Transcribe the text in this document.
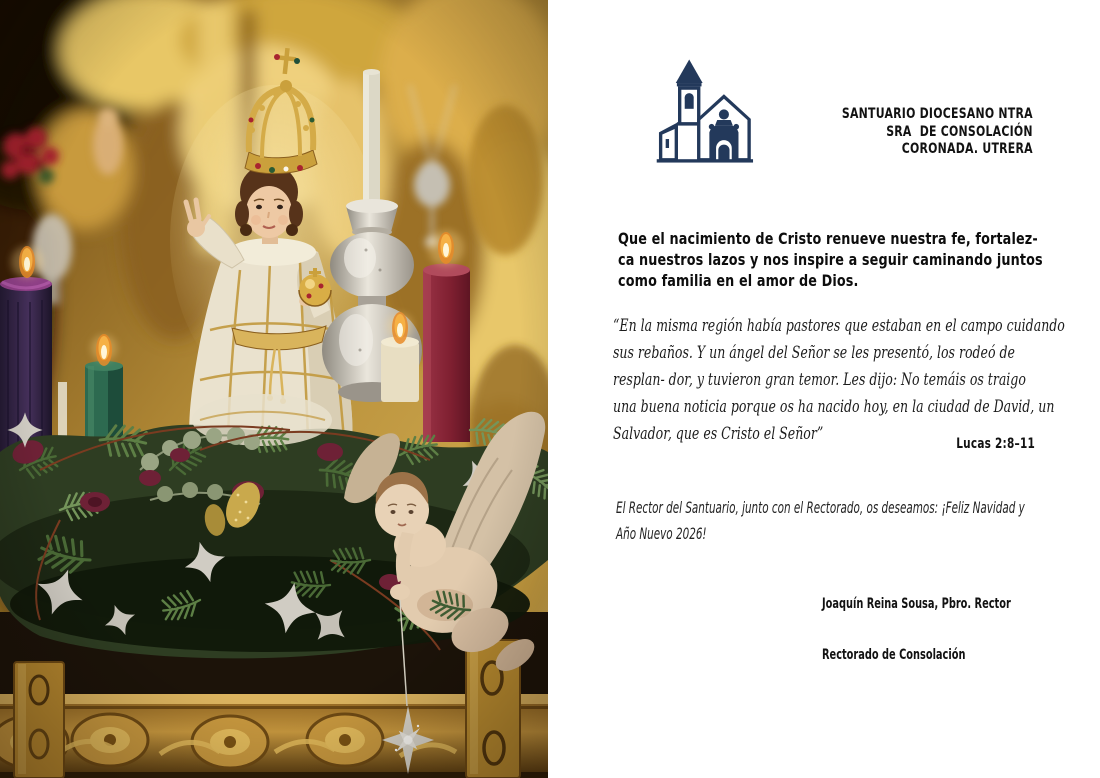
SANTUARIO DIOCESANO NTRA
SRA  DE CONSOLACIÓN
CORONADA. UTRERA
Que el nacimiento de Cristo renueve nuestra fe, fortalez-
ca nuestros lazos y nos inspire a seguir caminando juntos
como familia en el amor de Dios.
“En la misma región había pastores que estaban en el campo cuidando
sus rebaños. Y un ángel del Señor se les presentó, los rodeó de
resplan- dor, y tuvieron gran temor. Les dijo: No temáis os traigo
una buena noticia porque os ha nacido hoy, en la ciudad de David, un
Salvador, que es Cristo el Señor”
Lucas 2:8–11
El Rector del Santuario, junto con el Rectorado, os deseamos: ¡Feliz Navidad y
Año Nuevo 2026!

Joaquín Reina Sousa, Pbro. Rector

Rectorado de Consolación
